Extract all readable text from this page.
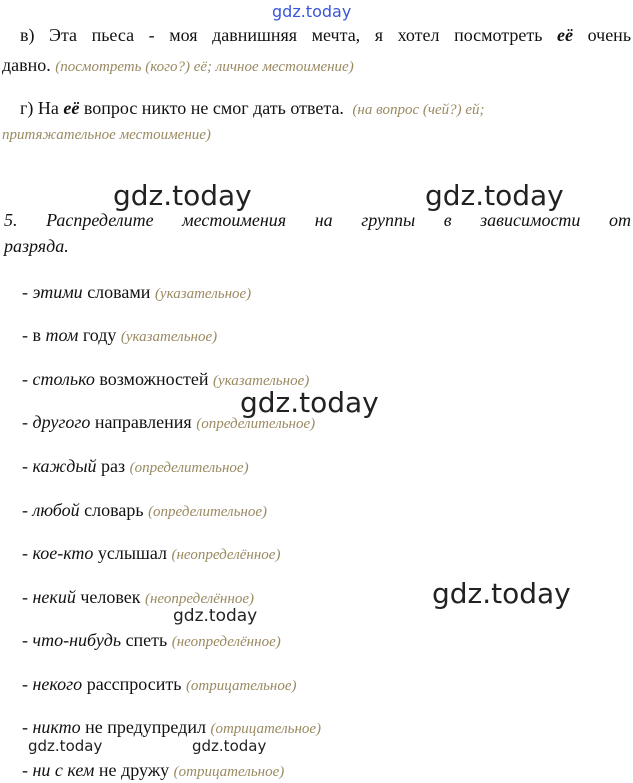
gdz.today
gdz.today	gdz.today
gdz.today
gdz.today
gdz.today
gdz.today	gdz.today
в) Эта пьеса - моя давнишняя мечта, я хотел посмотреть её очень
давно. (посмотреть (кого?) её; личное местоимение)
г) На её вопрос никто не смог дать ответа. (на вопрос (чей?) ей;
притяжательное местоимение)
5. Распределите местоимения на группы в зависимости от
разряда.
- этими словами (указательное)
- в том году (указательное)
- столько возможностей (указательное)
- другого направления (определительное)
- каждый раз (определительное)
- любой словарь (определительное)
- кое-кто услышал (неопределённое)
- некий человек (неопределённое)
- что-нибудь спеть (неопределённое)
- некого расспросить (отрицательное)
- никто не предупредил (отрицательное)
- ни с кем не дружу (отрицательное)
